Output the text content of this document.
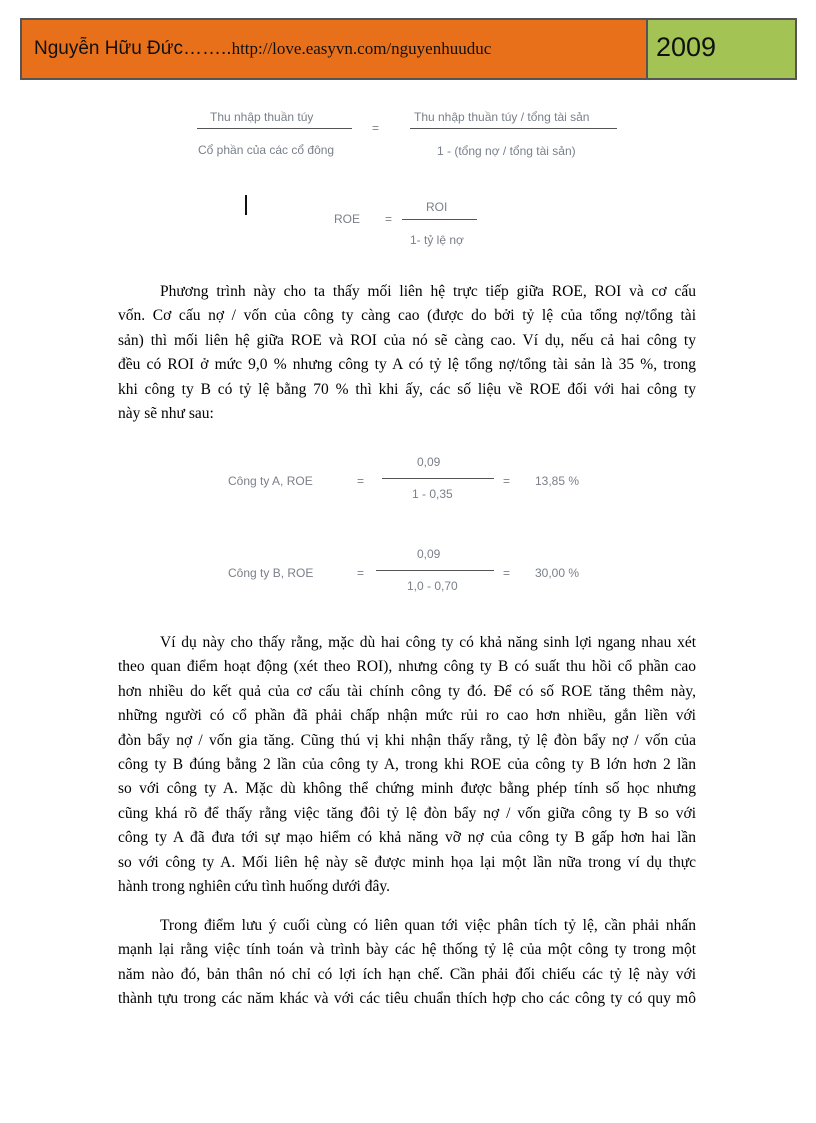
Nguyễn Hữu Đức……..http://love.easyvn.com/nguyenhuuduc	2009
Thu nhập thuần túy
Cổ phần của các cổ đông
=
Thu nhập thuần túy / tổng tài sản
1 - (tổng nợ / tổng tài sản)
ROE =
ROI
1- tỷ lệ nợ
Phương trình này cho ta thấy mối liên hệ trực tiếp giữa ROE, ROI và cơ cấu
vốn. Cơ cấu nợ / vốn của công ty càng cao (được do bởi tỷ lệ của tổng nợ/tổng tài
sản) thì mối liên hệ giữa ROE và ROI của nó sẽ càng cao. Ví dụ, nếu cả hai công ty
đều có ROI ở mức 9,0 % nhưng công ty A có tỷ lệ tổng nợ/tổng tài sản là 35 %, trong
khi công ty B có tỷ lệ bằng 70 % thì khi ấy, các số liệu về ROE đối với hai công ty
này sẽ như sau:
Công ty A, ROE	=
0,09
1 - 0,35
= 13,85 %
Công ty B, ROE	=
0,09
1,0 - 0,70
= 30,00 %
Ví dụ này cho thấy rằng, mặc dù hai công ty có khả năng sinh lợi ngang nhau xét
theo quan điểm hoạt động (xét theo ROI), nhưng công ty B có suất thu hồi cổ phần cao
hơn nhiều do kết quả của cơ cấu tài chính công ty đó. Để có số ROE tăng thêm này,
những người có cổ phần đã phải chấp nhận mức rủi ro cao hơn nhiều, gắn liền với
đòn bẩy nợ / vốn gia tăng. Cũng thú vị khi nhận thấy rằng, tỷ lệ đòn bẩy nợ / vốn của
công ty B đúng bằng 2 lần của công ty A, trong khi ROE của công ty B lớn hơn 2 lần
so với công ty A. Mặc dù không thể chứng minh được bằng phép tính số học nhưng
cũng khá rõ để thấy rằng việc tăng đôi tỷ lệ đòn bẩy nợ / vốn giữa công ty B so với
công ty A đã đưa tới sự mạo hiểm có khả năng vỡ nợ của công ty B gấp hơn hai lần
so với công ty A. Mối liên hệ này sẽ được minh họa lại một lần nữa trong ví dụ thực
hành trong nghiên cứu tình huống dưới đây.
Trong điểm lưu ý cuối cùng có liên quan tới việc phân tích tỷ lệ, cần phải nhấn
mạnh lại rằng việc tính toán và trình bày các hệ thống tỷ lệ của một công ty trong một
năm nào đó, bản thân nó chỉ có lợi ích hạn chế. Cần phải đối chiếu các tỷ lệ này với
thành tựu trong các năm khác và với các tiêu chuẩn thích hợp cho các công ty có quy mô
